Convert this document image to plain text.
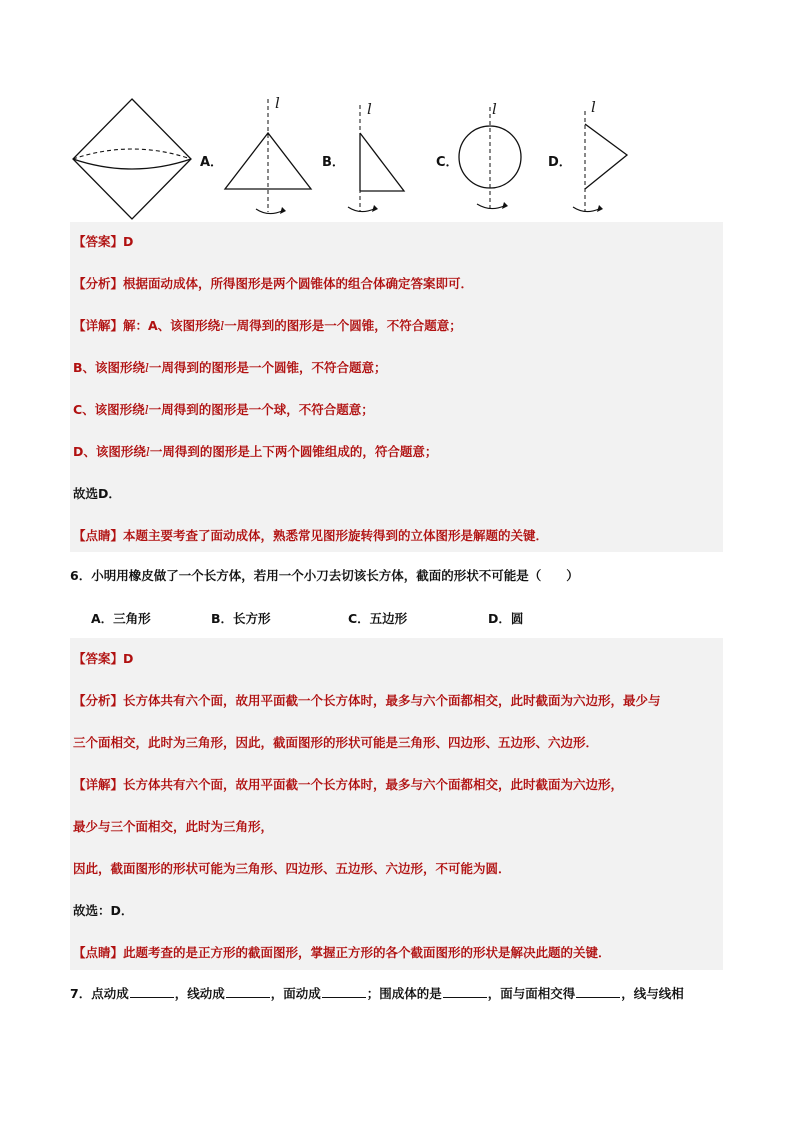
A．
l
B．
l
C．
l
D．
l
【答案】D
【分析】根据面动成体，所得图形是两个圆锥体的组合体确定答案即可．
【详解】解：A、该图形绕l一周得到的图形是一个圆锥，不符合题意；
B、该图形绕l一周得到的图形是一个圆锥，不符合题意；
C、该图形绕l一周得到的图形是一个球，不符合题意；
D、该图形绕l一周得到的图形是上下两个圆锥组成的，符合题意；
故选D．
【点睛】本题主要考查了面动成体，熟悉常见图形旋转得到的立体图形是解题的关键．
6．小明用橡皮做了一个长方体，若用一个小刀去切该长方体，截面的形状不可能是（　　）
A．三角形	B．长方形	C．五边形	D．圆
【答案】D
【分析】长方体共有六个面，故用平面截一个长方体时，最多与六个面都相交，此时截面为六边形，最少与
三个面相交，此时为三角形，因此，截面图形的形状可能是三角形、四边形、五边形、六边形．
【详解】长方体共有六个面，故用平面截一个长方体时，最多与六个面都相交，此时截面为六边形，
最少与三个面相交，此时为三角形，
因此，截面图形的形状可能为三角形、四边形、五边形、六边形，不可能为圆．
故选：D．
【点睛】此题考查的是正方形的截面图形，掌握正方形的各个截面图形的形状是解决此题的关键．
7．点动成	，线动成	，面动成	；围成体的是	，面与面相交得	，线与线相
